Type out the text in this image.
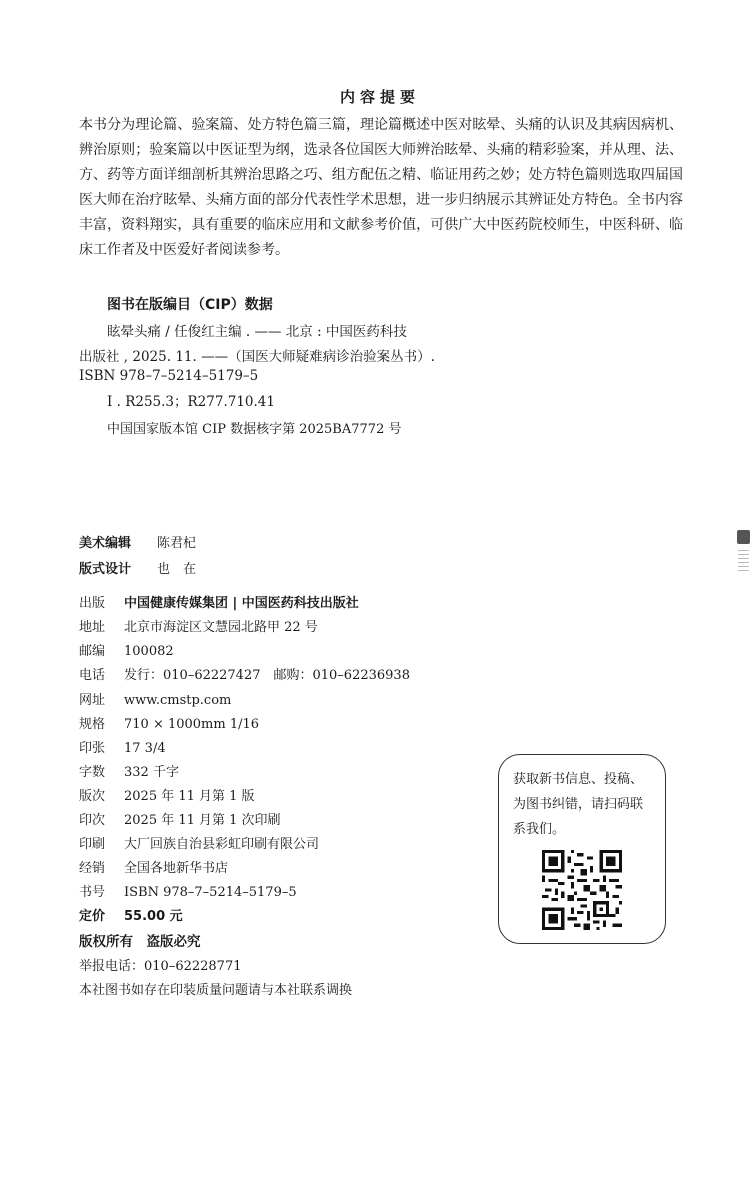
内容提要
本书分为理论篇、验案篇、处方特色篇三篇，理论篇概述中医对眩晕、头痛的认识及其病因病机、辨治原则；验案篇以中医证型为纲，选录各位国医大师辨治眩晕、头痛的精彩验案，并从理、法、方、药等方面详细剖析其辨治思路之巧、组方配伍之精、临证用药之妙；处方特色篇则选取四届国医大师在治疗眩晕、头痛方面的部分代表性学术思想，进一步归纳展示其辨证处方特色。全书内容丰富，资料翔实，具有重要的临床应用和文献参考价值，可供广大中医药院校师生，中医科研、临床工作者及中医爱好者阅读参考。
图书在版编目（CIP）数据
眩晕头痛 / 任俊红主编 . —— 北京 : 中国医药科技
出版社 , 2025. 11. ——（国医大师疑难病诊治验案丛书）.
ISBN 978–7–5214–5179–5
Ⅰ . R255.3；R277.710.41
中国国家版本馆 CIP 数据核字第 2025BA7772 号
美术编辑 陈君杞
版式设计 也　在
出版 中国健康传媒集团 | 中国医药科技出版社
地址 北京市海淀区文慧园北路甲 22 号
邮编 100082
电话 发行：010–62227427　邮购：010–62236938
网址 www.cmstp.com
规格 710 × 1000mm 1/16
印张 17 3/4
字数 332 千字
版次 2025 年 11 月第 1 版
印次 2025 年 11 月第 1 次印刷
印刷 大厂回族自治县彩虹印刷有限公司
经销 全国各地新华书店
书号 ISBN 978–7–5214–5179–5
定价 55.00 元
版权所有　盗版必究
举报电话：010–62228771
本社图书如存在印装质量问题请与本社联系调换
获取新书信息、投稿、为图书纠错，请扫码联系我们。
